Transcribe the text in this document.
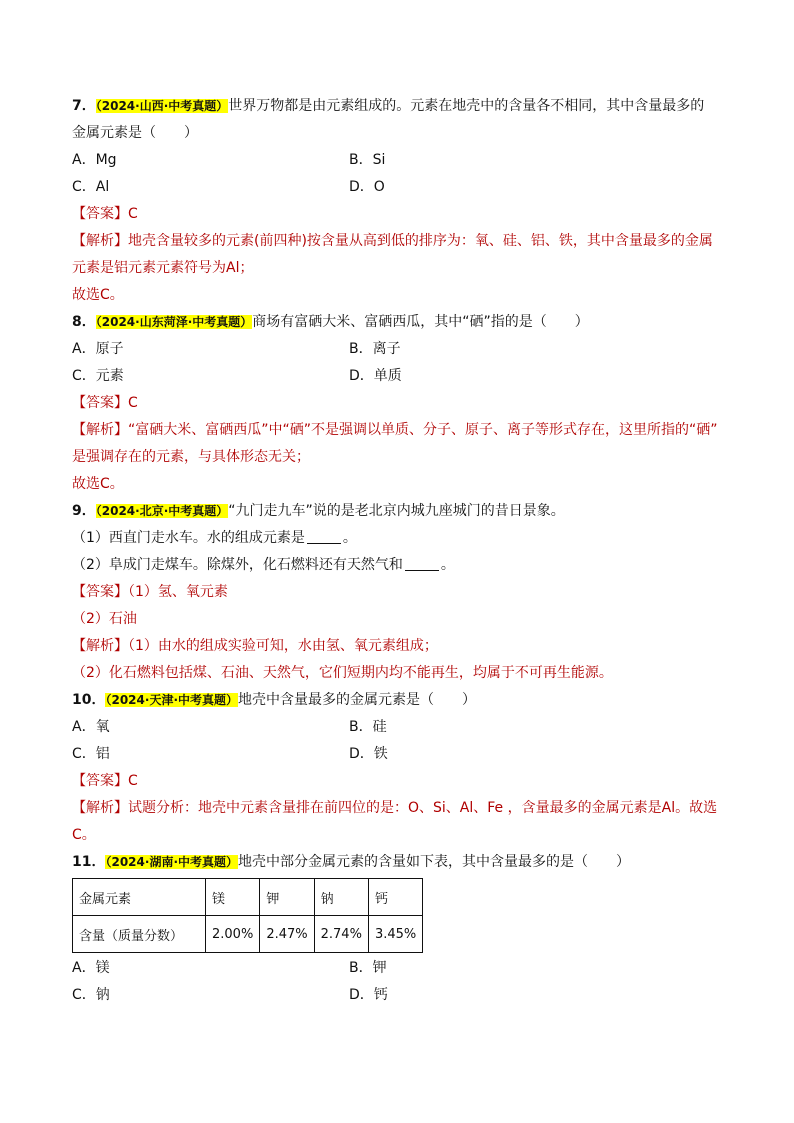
7．（2024·山西·中考真题）世界万物都是由元素组成的。元素在地壳中的含量各不相同，其中含量最多的
金属元素是（　　）
A．Mg	B．Si
C．Al	D．O
【答案】C
【解析】地壳含量较多的元素(前四种)按含量从高到低的排序为：氧、硅、铝、铁，其中含量最多的金属
元素是铝元素元素符号为Al；
故选C。
8．（2024·山东菏泽·中考真题）商场有富硒大米、富硒西瓜，其中“硒”指的是（　　）
A．原子	B．离子
C．元素	D．单质
【答案】C
【解析】“富硒大米、富硒西瓜”中“硒”不是强调以单质、分子、原子、离子等形式存在，这里所指的“硒”
是强调存在的元素，与具体形态无关；
故选C。
9．（2024·北京·中考真题）“九门走九车”说的是老北京内城九座城门的昔日景象。
（1）西直门走水车。水的组成元素是	。
（2）阜成门走煤车。除煤外，化石燃料还有天然气和	。
【答案】（1）氢、氧元素
（2）石油
【解析】（1）由水的组成实验可知，水由氢、氧元素组成；
（2）化石燃料包括煤、石油、天然气，它们短期内均不能再生，均属于不可再生能源。
10．（2024·天津·中考真题）地壳中含量最多的金属元素是（　　）
A．氧	B．硅
C．铝	D．铁
【答案】C
【解析】试题分析：地壳中元素含量排在前四位的是：O、Si、Al、Fe ，含量最多的金属元素是Al。故选
C。
11．（2024·湖南·中考真题）地壳中部分金属元素的含量如下表，其中含量最多的是（　　）
金属元素	镁	钾	钠	钙
含量（质量分数）	2.00%	2.47%	2.74%	3.45%
A．镁	B．钾
C．钠	D．钙
